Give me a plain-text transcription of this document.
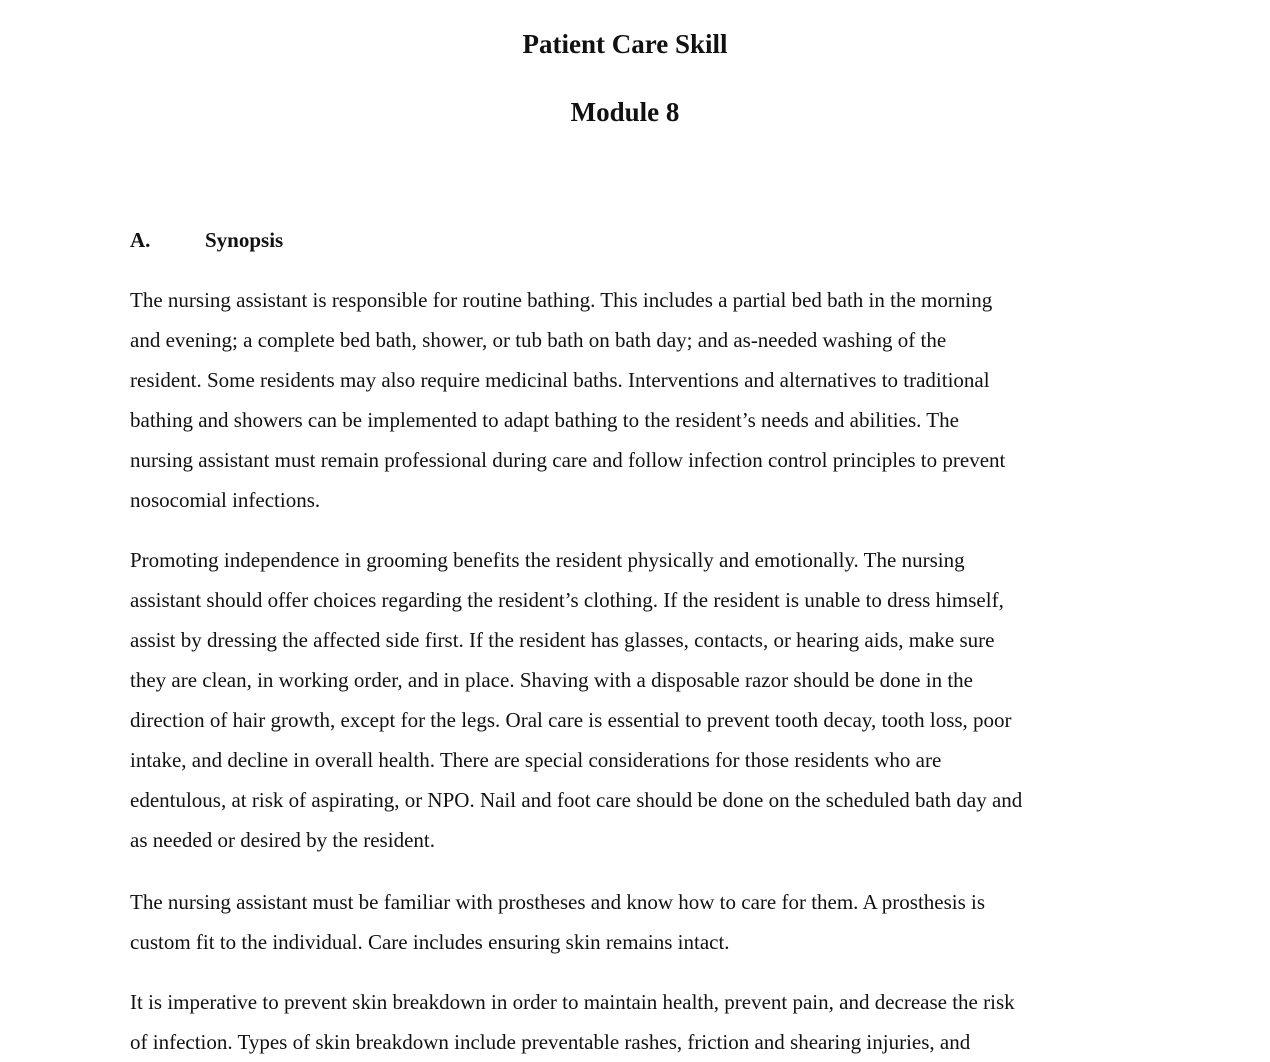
Patient Care Skill
Module 8
A.	Synopsis

The nursing assistant is responsible for routine bathing. This includes a partial bed bath in the morning
and evening; a complete bed bath, shower, or tub bath on bath day; and as-needed washing of the
resident. Some residents may also require medicinal baths. Interventions and alternatives to traditional
bathing and showers can be implemented to adapt bathing to the resident’s needs and abilities. The
nursing assistant must remain professional during care and follow infection control principles to prevent
nosocomial infections.

Promoting independence in grooming benefits the resident physically and emotionally. The nursing
assistant should offer choices regarding the resident’s clothing. If the resident is unable to dress himself,
assist by dressing the affected side first. If the resident has glasses, contacts, or hearing aids, make sure
they are clean, in working order, and in place. Shaving with a disposable razor should be done in the
direction of hair growth, except for the legs. Oral care is essential to prevent tooth decay, tooth loss, poor
intake, and decline in overall health. There are special considerations for those residents who are
edentulous, at risk of aspirating, or NPO. Nail and foot care should be done on the scheduled bath day and
as needed or desired by the resident.

The nursing assistant must be familiar with prostheses and know how to care for them. A prosthesis is
custom fit to the individual. Care includes ensuring skin remains intact.

It is imperative to prevent skin breakdown in order to maintain health, prevent pain, and decrease the risk
of infection. Types of skin breakdown include preventable rashes, friction and shearing injuries, and
